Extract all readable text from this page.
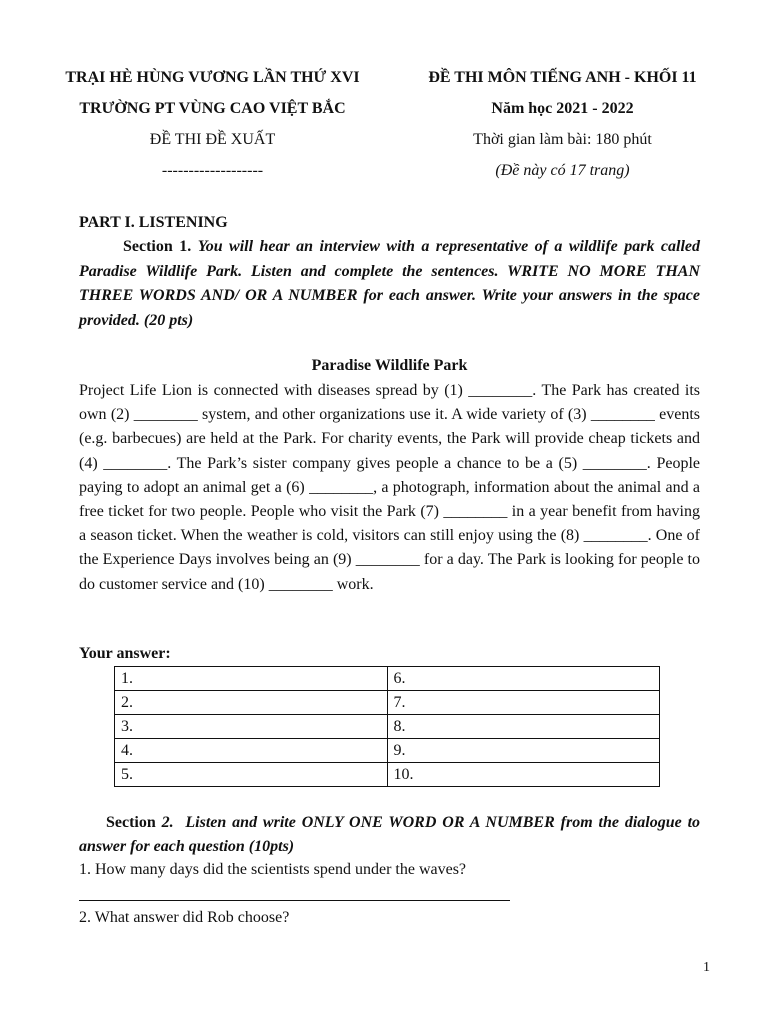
TRẠI HÈ HÙNG VƯƠNG LẦN THỨ XVI
TRƯỜNG PT VÙNG CAO VIỆT BẮC
ĐỀ THI ĐỀ XUẤT
-------------------
ĐỀ THI MÔN TIẾNG ANH - KHỐI 11
Năm học 2021 - 2022
Thời gian làm bài: 180 phút
(Đề này có 17 trang)
PART I. LISTENING
Section 1. You will hear an interview with a representative of a wildlife park called Paradise Wildlife Park. Listen and complete the sentences. WRITE NO MORE THAN THREE WORDS AND/ OR A NUMBER for each answer. Write your answers in the space provided. (20 pts)
Paradise Wildlife Park
Project Life Lion is connected with diseases spread by (1) ________. The Park has created its own (2) ________ system, and other organizations use it. A wide variety of (3) ________ events (e.g. barbecues) are held at the Park. For charity events, the Park will provide cheap tickets and (4) ________. The Park’s sister company gives people a chance to be a (5) ________. People paying to adopt an animal get a (6) ________, a photograph, information about the animal and a free ticket for two people. People who visit the Park (7) ________ in a year benefit from having a season ticket. When the weather is cold, visitors can still enjoy using the (8) ________. One of the Experience Days involves being an (9) ________ for a day. The Park is looking for people to do customer service and (10) ________ work.
Your answer:
1.	6.
2.	7.
3.	8.
4.	9.
5.	10.
Section 2. Listen and write ONLY ONE WORD OR A NUMBER from the dialogue to answer for each question (10pts)
1. How many days did the scientists spend under the waves?
2. What answer did Rob choose?
1
